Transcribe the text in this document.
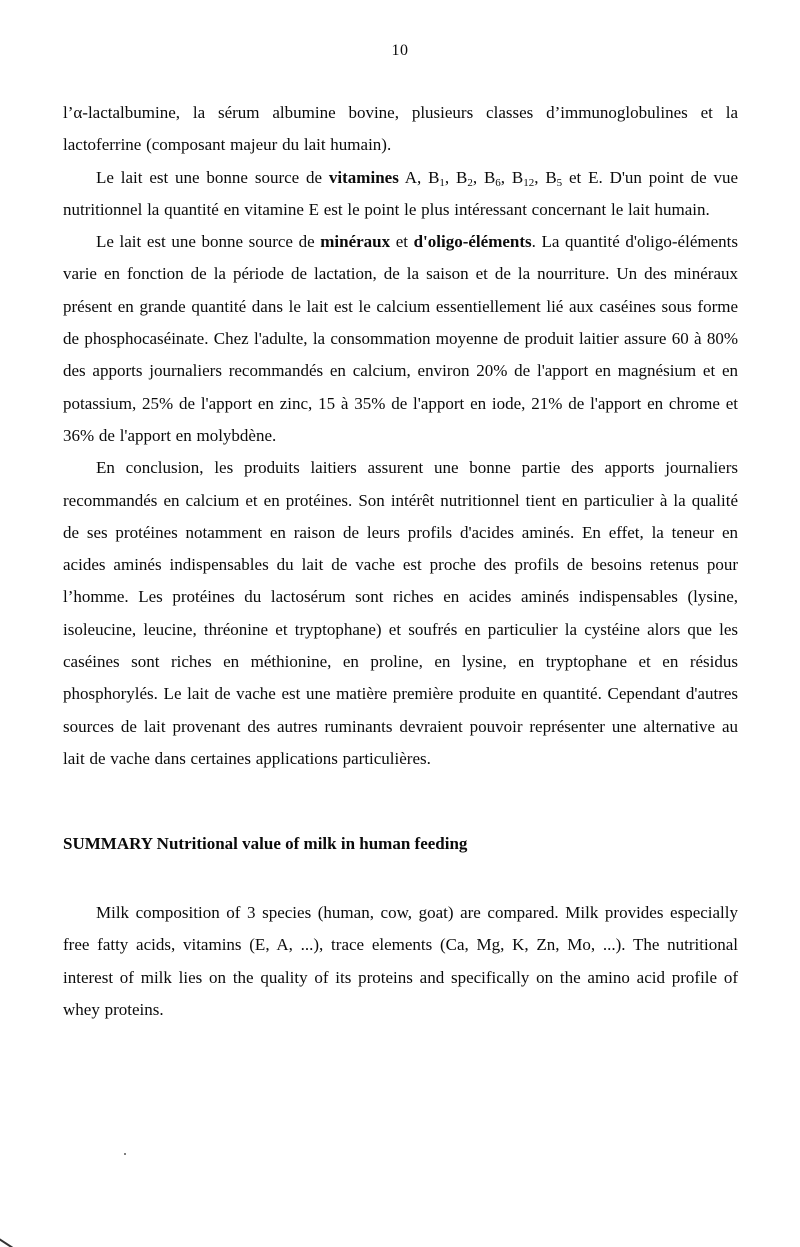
10

l’α-lactalbumine, la sérum albumine bovine, plusieurs classes d’immunoglobulines et la lactoferrine (composant majeur du lait humain).

Le lait est une bonne source de vitamines A, $B_1$, $B_2$, $B_6$, $B_{12}$, $B_5$ et E. D'un point de vue nutritionnel la quantité en vitamine E est le point le plus intéressant concernant le lait humain.

Le lait est une bonne source de minéraux et d'oligo-éléments. La quantité d'oligo-éléments varie en fonction de la période de lactation, de la saison et de la nourriture. Un des minéraux présent en grande quantité dans le lait est le calcium essentiellement lié aux caséines sous forme de phosphocaséinate. Chez l'adulte, la consommation moyenne de produit laitier assure 60 à 80% des apports journaliers recommandés en calcium, environ 20% de l'apport en magnésium et en potassium, 25% de l'apport en zinc, 15 à 35% de l'apport en iode, 21% de l'apport en chrome et 36% de l'apport en molybdène.

En conclusion, les produits laitiers assurent une bonne partie des apports journaliers recommandés en calcium et en protéines. Son intérêt nutritionnel tient en particulier à la qualité de ses protéines notamment en raison de leurs profils d'acides aminés. En effet, la teneur en acides aminés indispensables du lait de vache est proche des profils de besoins retenus pour l’homme. Les protéines du lactosérum sont riches en acides aminés indispensables (lysine, isoleucine, leucine, thréonine et tryptophane) et soufrés en particulier la cystéine alors que les caséines sont riches en méthionine, en proline, en lysine, en tryptophane et en résidus phosphorylés. Le lait de vache est une matière première produite en quantité. Cependant d'autres sources de lait provenant des autres ruminants devraient pouvoir représenter une alternative au lait de vache dans certaines applications particulières.

SUMMARY Nutritional value of milk in human feeding

Milk composition of 3 species (human, cow, goat) are compared. Milk provides especially free fatty acids, vitamins (E, A, ...), trace elements (Ca, Mg, K, Zn, Mo, ...). The nutritional interest of milk lies on the quality of its proteins and specifically on the amino acid profile of whey proteins.
